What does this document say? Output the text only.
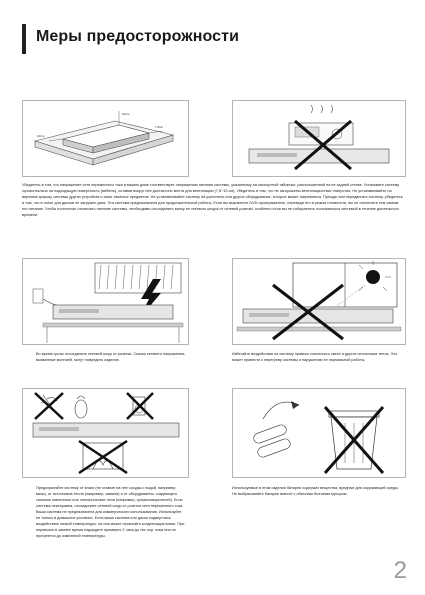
Меры предосторожности
10cm
7.5cm
10cm

Убедитесь в том, что напряжение сети переменного тока в вашем доме соответствует напряжению питания системы, указанному на паспортной табличке, расположенной на ее задней стенке. Установите систему горизонтально на подходящую поверхность (мебель), оставив вокруг нее достаточно места для вентиляции (7,5~10 см). Убедитесь в том, что не загорожены вентиляционные отверстия. Не устанавливайте на верхнюю крышку системы других устройств и иных тяжелых предметов. Не устанавливайте систему на усилитель или другое оборудование, которое может нагреваться. Прежде чем передвигать систему, убедитесь в том, что в лотке для дисков не загружен диск. Эта система предназначена для продолжительной работы. Если вы выключите DVD-проигрыватель, переведя его в режим готовности, вы не отключите тем самым его питание. Чтобы полностью отключить питание системы, необходимо отсоединить вилку ее сетевого шнура от сетевой розетки, особенно если вы не собираетесь пользоваться системой в течение длительного времени.

Во время грозы отсоедините сетевой шнур от розетки. Скачки сетевого напряжения, вызванные молнией, могут повредить изделие.

Избегайте воздействия на систему прямого солнечного света и других источников тепла. Это может привести к перегреву системы и нарушению ее нормальной работы.

Предохраняйте систему от влаги (не ставьте на нее сосуды с водой, например, вазы), от источников тепла (например, камина) и от оборудования, создающего сильные магнитные или электрические поля (например, громкоговорителей). Если система неисправна, отсоедините сетевой шнур от розетки сети переменного тока. Ваша система не предназначена для коммерческого использования. Используйте ее только в домашних условиях. Если ваша система или диски подверглись воздействию низкой температуры, на них может произойти конденсация влаги. При перевозке в зимнее время подождите примерно 2 часа до тех пор, пока она не прогреется до комнатной температуры.

Используемые в этом изделии батареи содержат вещества, вредные для окружающей среды. Не выбрасывайте батареи вместе с обычным бытовым мусором.

2
